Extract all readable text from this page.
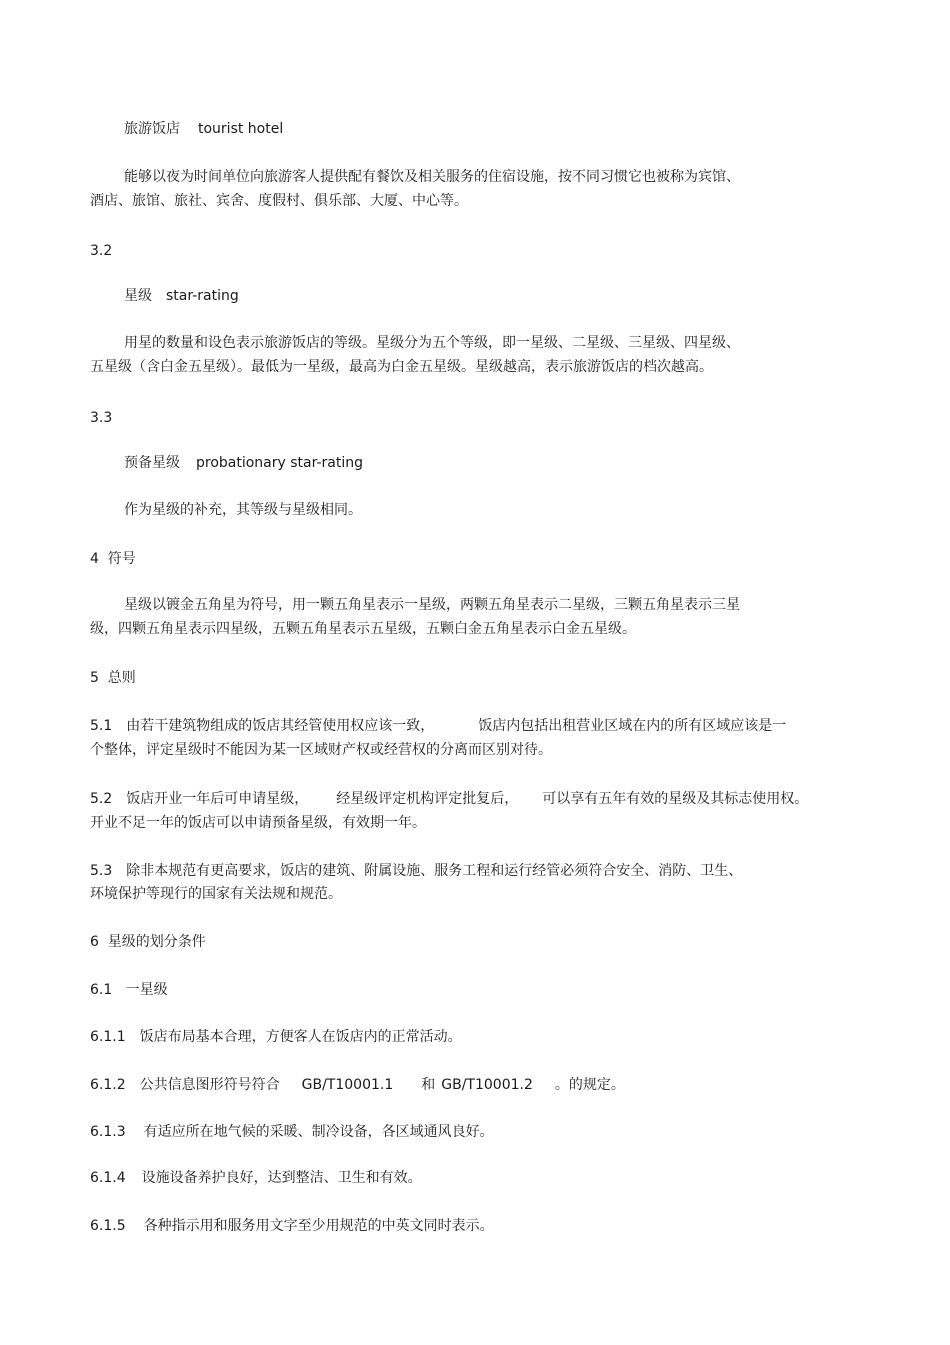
旅游饭店 tourist hotel

能够以夜为时间单位向旅游客人提供配有餐饮及相关服务的住宿设施，按不同习惯它也被称为宾馆、

酒店、旅馆、旅社、宾舍、度假村、俱乐部、大厦、中心等。

3.2

星级 star-rating

用星的数量和设色表示旅游饭店的等级。星级分为五个等级，即一星级、二星级、三星级、四星级、

五星级（含白金五星级）。最低为一星级，最高为白金五星级。星级越高，表示旅游饭店的档次越高。

3.3

预备星级 probationary star-rating

作为星级的补充，其等级与星级相同。

4  符号

星级以镀金五角星为符号，用一颗五角星表示一星级，两颗五角星表示二星级，三颗五角星表示三星

级，四颗五角星表示四星级，五颗五角星表示五星级，五颗白金五角星表示白金五星级。

5  总则

5.1 由若干建筑物组成的饭店其经管使用权应该一致，	饭店内包括出租营业区域在内的所有区域应该是一

个整体，评定星级时不能因为某一区域财产权或经营权的分离而区别对待。

5.2 饭店开业一年后可申请星级， 经星级评定机构评定批复后， 可以享有五年有效的星级及其标志使用权。

开业不足一年的饭店可以申请预备星级，有效期一年。

5.3 除非本规范有更高要求，饭店的建筑、附属设施、服务工程和运行经管必须符合安全、消防、卫生、

环境保护等现行的国家有关法规和规范。

6  星级的划分条件

6.1   一星级

6.1.1 饭店布局基本合理，方便客人在饭店内的正常活动。

6.1.2 公共信息图形符号符合 GB/T10001.1 和 GB/T10001.2 。的规定。

6.1.3 有适应所在地气候的采暖、制冷设备，各区域通风良好。

6.1.4 设施设备养护良好，达到整洁、卫生和有效。

6.1.5 各种指示用和服务用文字至少用规范的中英文同时表示。
